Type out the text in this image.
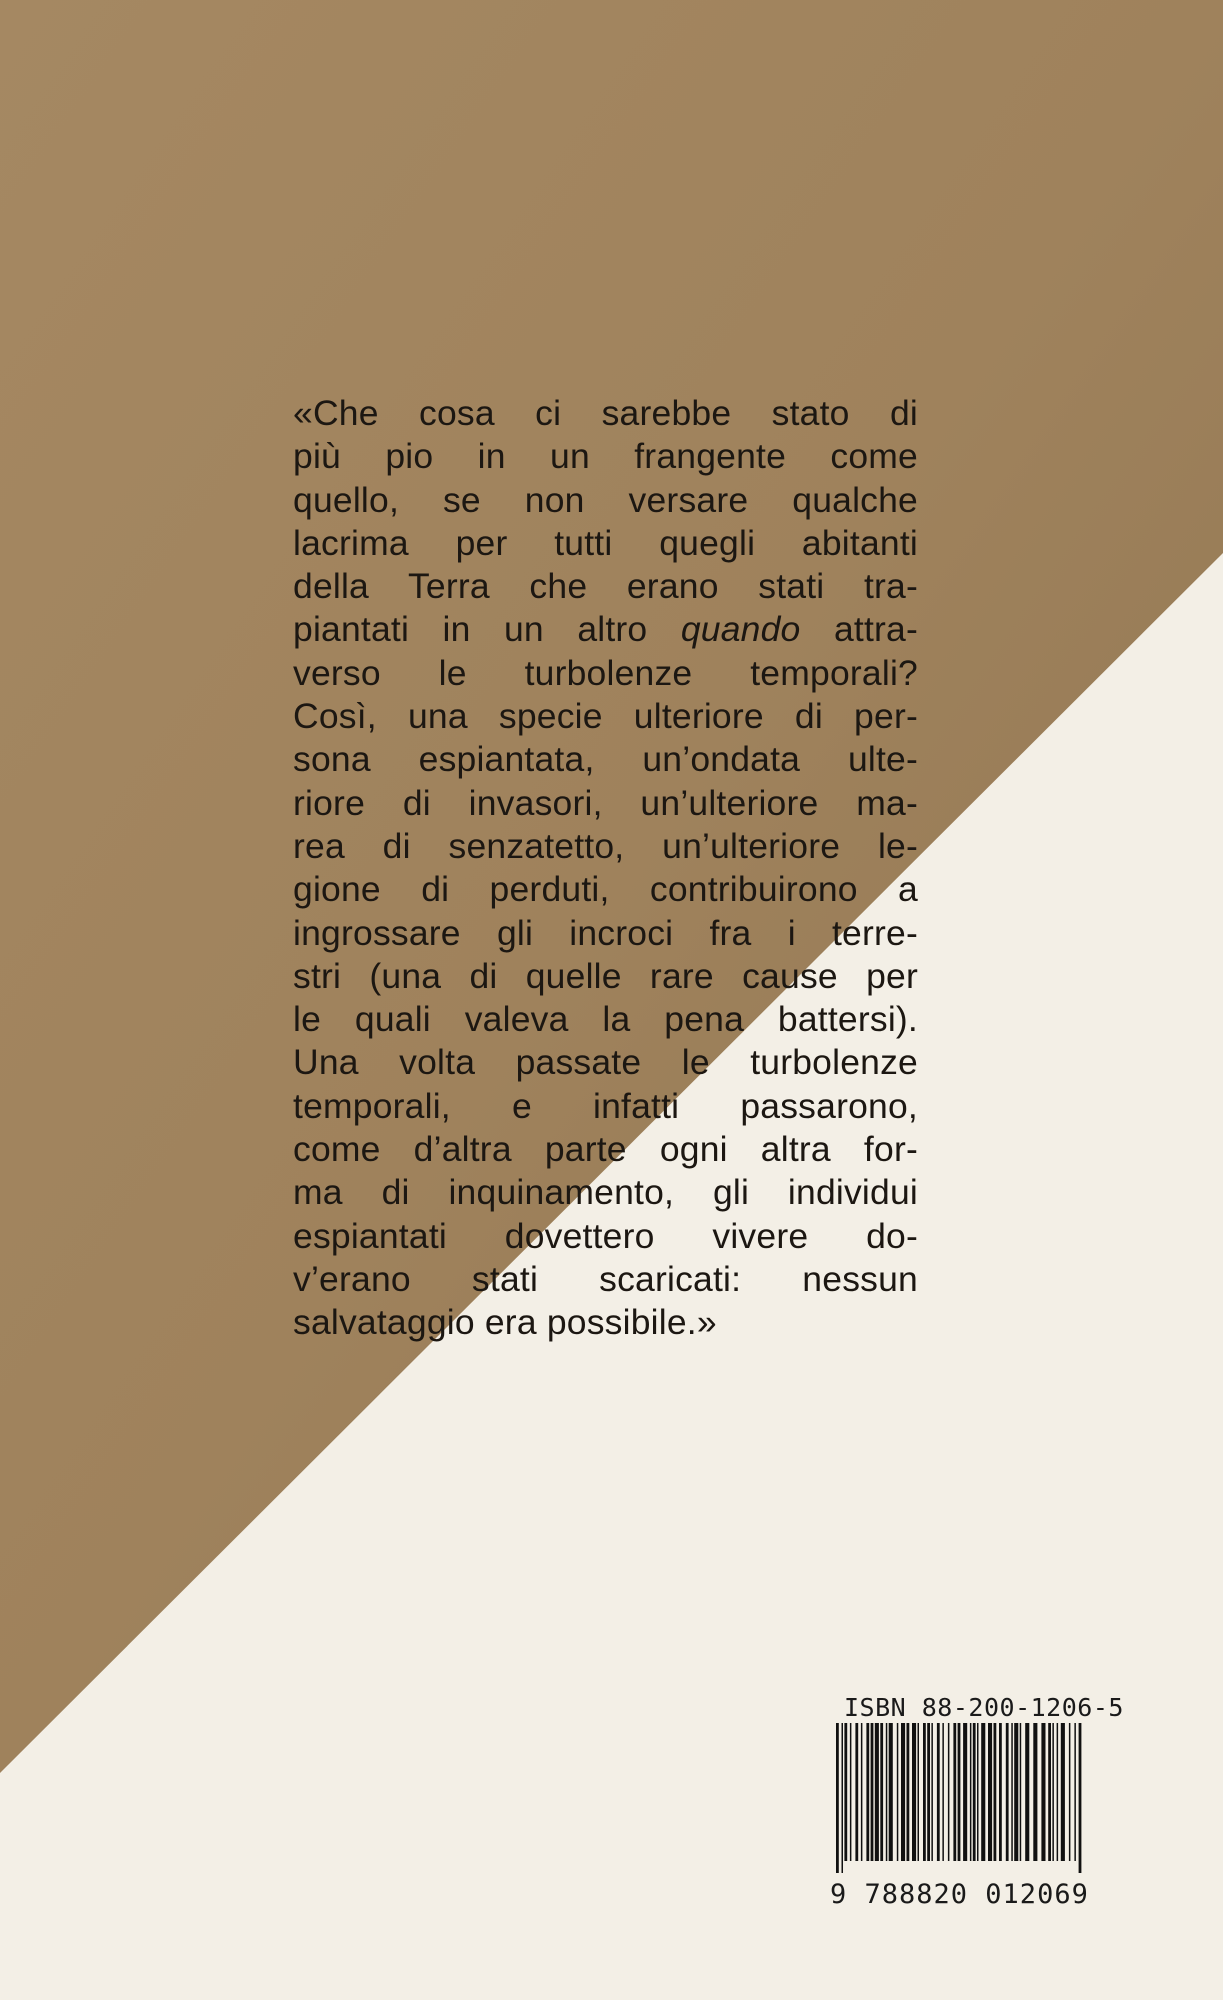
«Che cosa ci sarebbe stato di
più pio in un frangente come
quello, se non versare qualche
lacrima per tutti quegli abitanti
della Terra che erano stati tra-
piantati in un altro quando attra-
verso le turbolenze temporali?
Così, una specie ulteriore di per-
sona espiantata, un’ondata ulte-
riore di invasori, un’ulteriore ma-
rea di senzatetto, un’ulteriore le-
gione di perduti, contribuirono a
ingrossare gli incroci fra i terre-
stri (una di quelle rare cause per
le quali valeva la pena battersi).
Una volta passate le turbolenze
temporali, e infatti passarono,
come d’altra parte ogni altra for-
ma di inquinamento, gli individui
espiantati dovettero vivere do-
v’erano stati scaricati: nessun
salvataggio era possibile.»

ISBN 88-200-1206-5
9 788820 012069
